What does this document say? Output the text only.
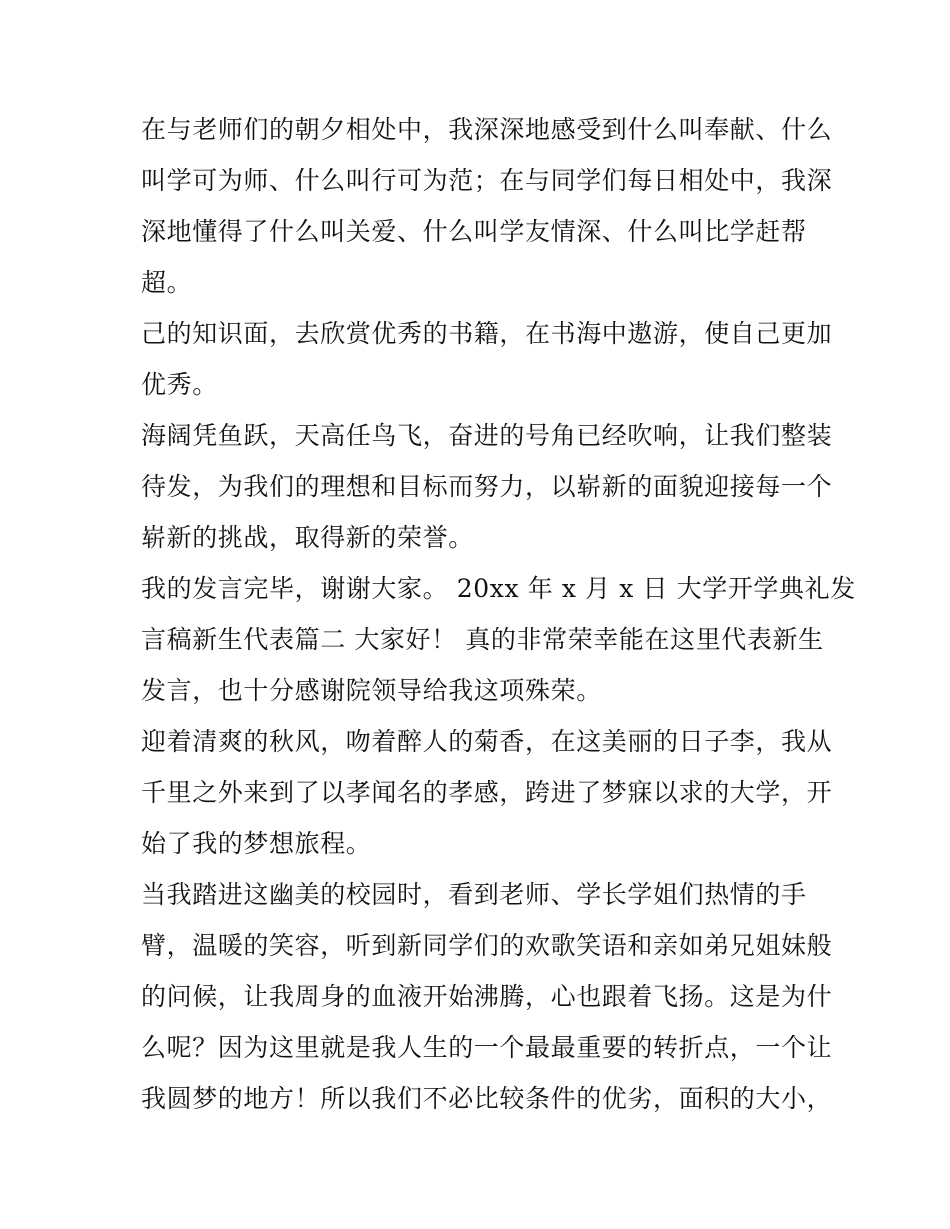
在与老师们的朝夕相处中，我深深地感受到什么叫奉献、什么
叫学可为师、什么叫行可为范；在与同学们每日相处中，我深
深地懂得了什么叫关爱、什么叫学友情深、什么叫比学赶帮
超。
己的知识面，去欣赏优秀的书籍，在书海中遨游，使自己更加
优秀。
海阔凭鱼跃，天高任鸟飞，奋进的号角已经吹响，让我们整装
待发，为我们的理想和目标而努力，以崭新的面貌迎接每一个
崭新的挑战，取得新的荣誉。
我的发言完毕，谢谢大家。 20xx 年 x 月 x 日 大学开学典礼发
言稿新生代表篇二 大家好！ 真的非常荣幸能在这里代表新生
发言，也十分感谢院领导给我这项殊荣。
迎着清爽的秋风，吻着醉人的菊香，在这美丽的日子李，我从
千里之外来到了以孝闻名的孝感，跨进了梦寐以求的大学，开
始了我的梦想旅程。
当我踏进这幽美的校园时，看到老师、学长学姐们热情的手
臂，温暖的笑容，听到新同学们的欢歌笑语和亲如弟兄姐妹般
的问候，让我周身的血液开始沸腾，心也跟着飞扬。这是为什
么呢？因为这里就是我人生的一个最最重要的转折点，一个让
我圆梦的地方！所以我们不必比较条件的优劣，面积的大小，
